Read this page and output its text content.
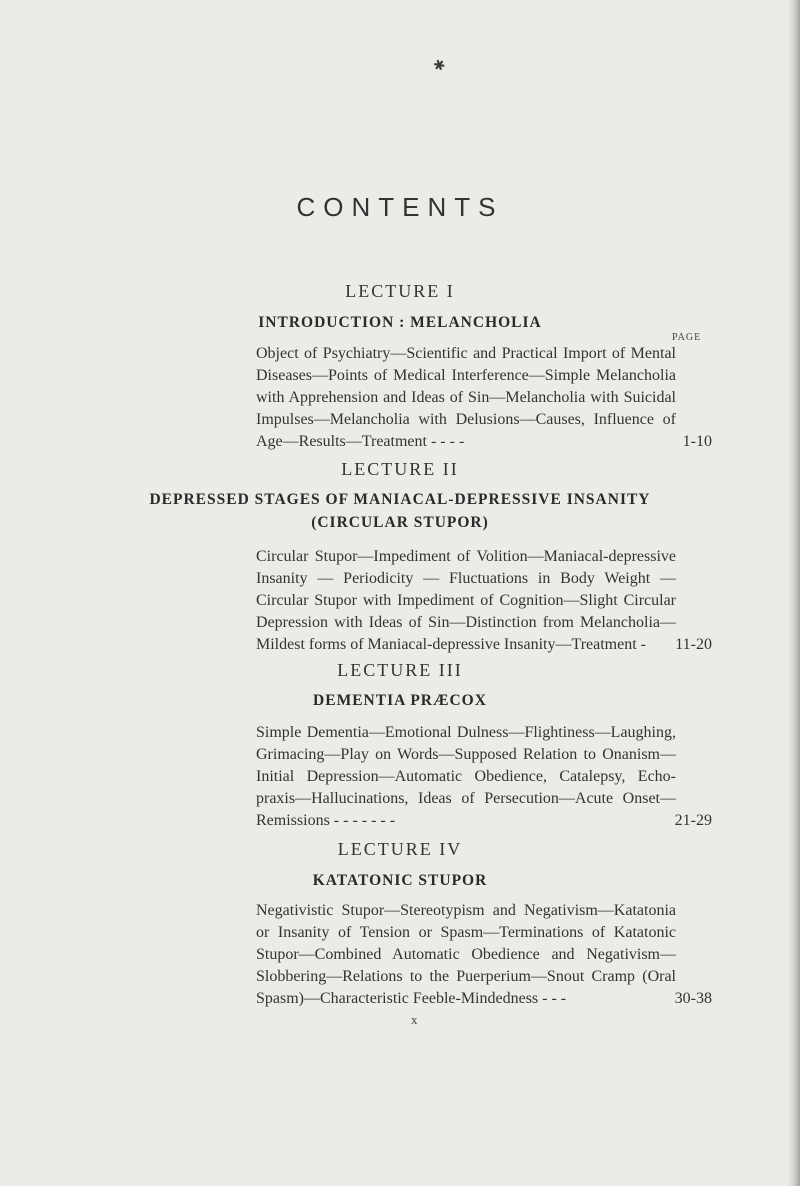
✱
CONTENTS
LECTURE I
INTRODUCTION : MELANCHOLIA
PAGE
Object of Psychiatry—Scientific and Practical Import of Mental Diseases—Points of Medical Interference—Simple Melancholia with Apprehension and Ideas of Sin—Melancholia with Suicidal Impulses—Melancholia with Delusions—Causes, Influence of Age—Results—Treatment - - - -	1-10
LECTURE II
DEPRESSED STAGES OF MANIACAL-DEPRESSIVE INSANITY
(CIRCULAR STUPOR)
Circular Stupor—Impediment of Volition—Maniacal-depressive Insanity — Periodicity — Fluctuations in Body Weight — Circular Stupor with Impediment of Cognition—Slight Circular Depression with Ideas of Sin—Distinction from Melancholia—Mildest forms of Maniacal-depressive Insanity—Treatment -	11-20
LECTURE III
DEMENTIA PRÆCOX
Simple Dementia—Emotional Dulness—Flightiness—Laughing, Grimacing—Play on Words—Supposed Relation to Onanism—Initial Depression—Automatic Obedience, Catalepsy, Echo-praxis—Hallucinations, Ideas of Persecution—Acute Onset—Remissions - - - - - - -	21-29
LECTURE IV
KATATONIC STUPOR
Negativistic Stupor—Stereotypism and Negativism—Katatonia or Insanity of Tension or Spasm—Terminations of Katatonic Stupor—Combined Automatic Obedience and Negativism—Slobbering—Relations to the Puerperium—Snout Cramp (Oral Spasm)—Characteristic Feeble-Mindedness - - -	30-38
x
